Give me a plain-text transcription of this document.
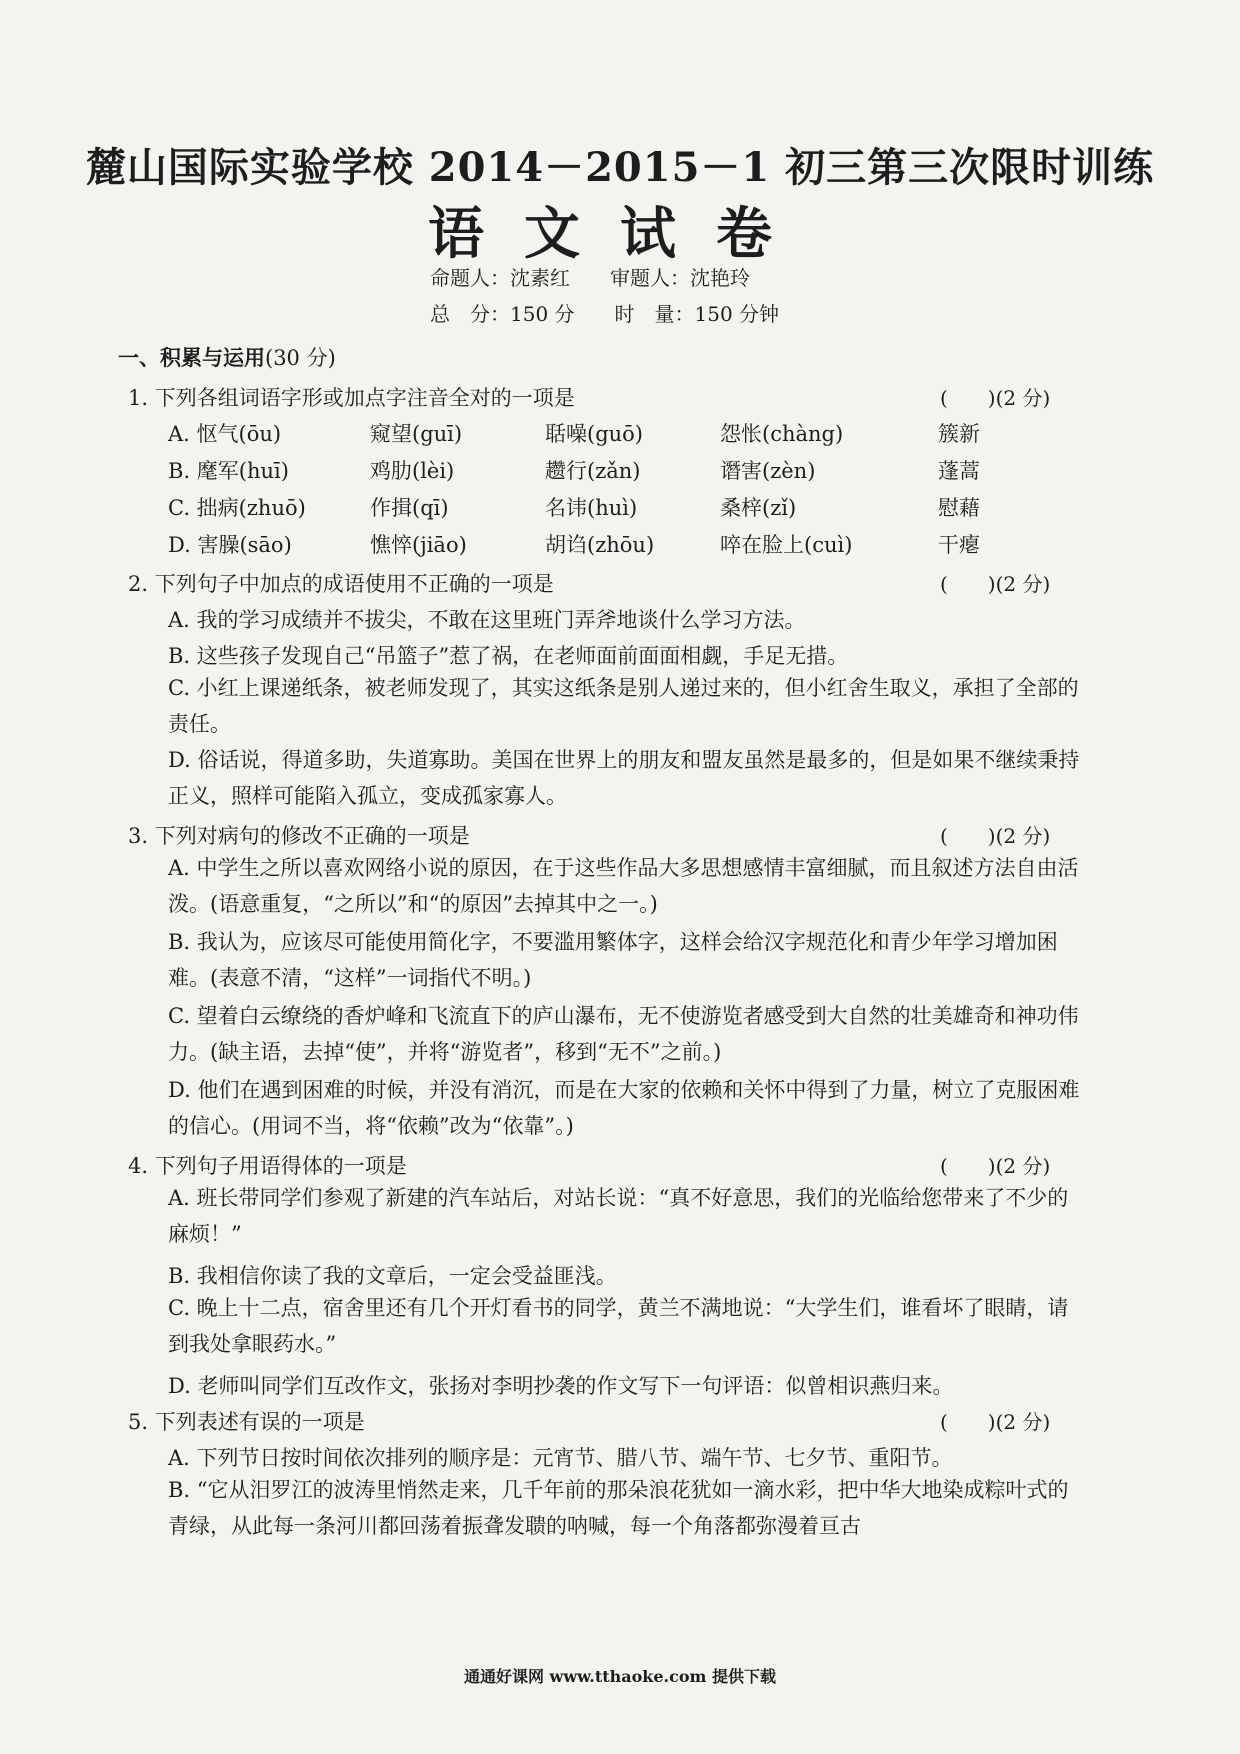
麓山国际实验学校 2014－2015－1 初三第三次限时训练
语文试卷
命题人：沈素红　　审题人：沈艳玲
总　分：150 分　　时　量：150 分钟
一、积累与运用(30 分)
1. 下列各组词语字形或加点字注音全对的一项是	(　　)(2 分)
A. 怄气(ōu)	窥望(guī)	聒噪(guō)	怨怅(chàng)	簇新
B. 麾军(huī)	鸡肋(lèi)	趱行(zǎn)	谮害(zèn)	蓬蒿
C. 拙病(zhuō)	作揖(qī)	名讳(huì)	桑梓(zǐ)	慰藉
D. 害臊(sāo)	憔悴(jiāo)	胡诌(zhōu)	啐在脸上(cuì)	干瘪
2. 下列句子中加点的成语使用不正确的一项是	(　　)(2 分)
A. 我的学习成绩并不拔尖，不敢在这里班门弄斧地谈什么学习方法。
B. 这些孩子发现自己“吊篮子”惹了祸，在老师面前面面相觑，手足无措。
C. 小红上课递纸条，被老师发现了，其实这纸条是别人递过来的，但小红舍生取义，承担了全部的责任。
D. 俗话说，得道多助，失道寡助。美国在世界上的朋友和盟友虽然是最多的，但是如果不继续秉持正义，照样可能陷入孤立，变成孤家寡人。
3. 下列对病句的修改不正确的一项是	(　　)(2 分)
A. 中学生之所以喜欢网络小说的原因，在于这些作品大多思想感情丰富细腻，而且叙述方法自由活泼。(语意重复，“之所以”和“的原因”去掉其中之一。)
B. 我认为，应该尽可能使用简化字，不要滥用繁体字，这样会给汉字规范化和青少年学习增加困难。(表意不清，“这样”一词指代不明。)
C. 望着白云缭绕的香炉峰和飞流直下的庐山瀑布，无不使游览者感受到大自然的壮美雄奇和神功伟力。(缺主语，去掉“使”，并将“游览者”，移到“无不”之前。)
D. 他们在遇到困难的时候，并没有消沉，而是在大家的依赖和关怀中得到了力量，树立了克服困难的信心。(用词不当，将“依赖”改为“依靠”。)
4. 下列句子用语得体的一项是	(　　)(2 分)
A. 班长带同学们参观了新建的汽车站后，对站长说：“真不好意思，我们的光临给您带来了不少的麻烦！”
B. 我相信你读了我的文章后，一定会受益匪浅。
C. 晚上十二点，宿舍里还有几个开灯看书的同学，黄兰不满地说：“大学生们，谁看坏了眼睛，请到我处拿眼药水。”
D. 老师叫同学们互改作文，张扬对李明抄袭的作文写下一句评语：似曾相识燕归来。
5. 下列表述有误的一项是	(　　)(2 分)
A. 下列节日按时间依次排列的顺序是：元宵节、腊八节、端午节、七夕节、重阳节。
B. “它从汨罗江的波涛里悄然走来，几千年前的那朵浪花犹如一滴水彩，把中华大地染成粽叶式的青绿，从此每一条河川都回荡着振聋发聩的呐喊，每一个角落都弥漫着亘古
通通好课网 www.tthaoke.com 提供下载
